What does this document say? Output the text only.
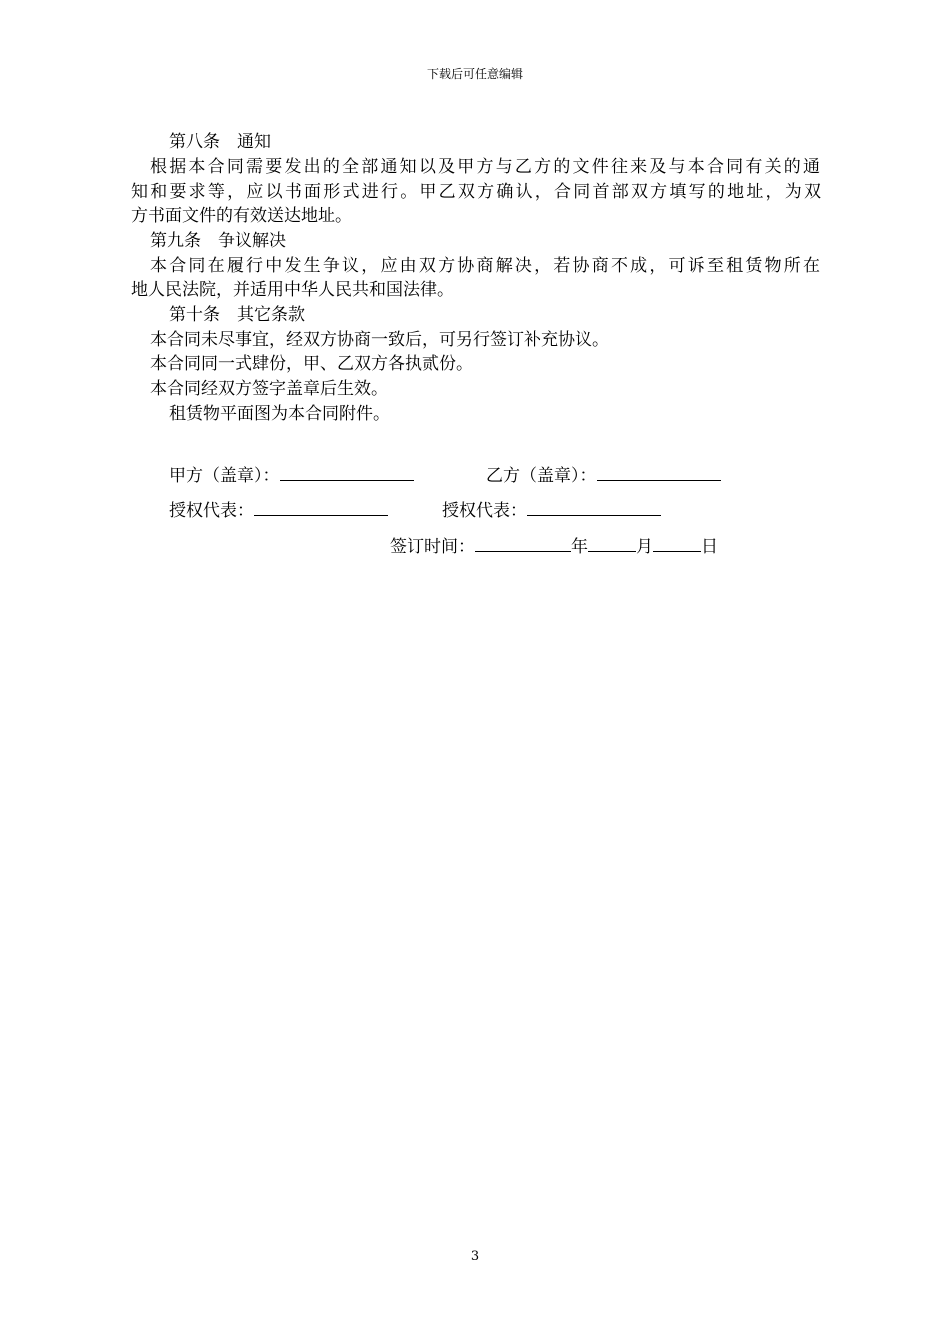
下载后可任意编辑
第八条　通知
根据本合同需要发出的全部通知以及甲方与乙方的文件往来及与本合同有关的通
知和要求等，应以书面形式进行。甲乙双方确认，合同首部双方填写的地址，为双
方书面文件的有效送达地址。
第九条　争议解决
本合同在履行中发生争议，应由双方协商解决，若协商不成，可诉至租赁物所在
地人民法院，并适用中华人民共和国法律。
第十条　其它条款
本合同未尽事宜，经双方协商一致后，可另行签订补充协议。
本合同同一式肆份，甲、乙双方各执贰份。
本合同经双方签字盖章后生效。
租赁物平面图为本合同附件。
甲方（盖章）：	乙方（盖章）：
授权代表：	授权代表：
签订时间：	年	月	日
3
